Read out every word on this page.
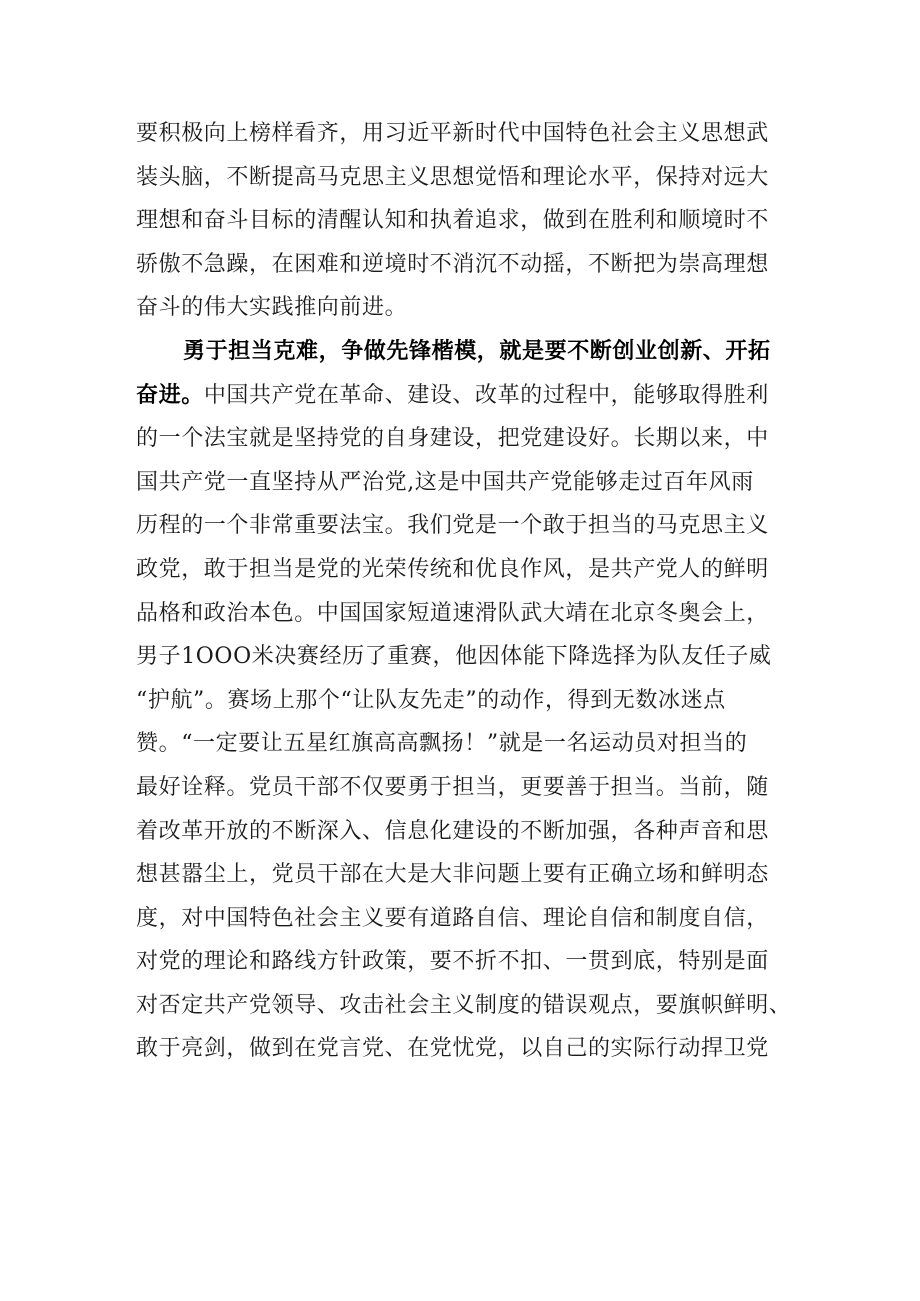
要积极向上榜样看齐，用习近平新时代中国特色社会主义思想武
装头脑，不断提高马克思主义思想觉悟和理论水平，保持对远大
理想和奋斗目标的清醒认知和执着追求，做到在胜利和顺境时不
骄傲不急躁，在困难和逆境时不消沉不动摇，不断把为崇高理想
奋斗的伟大实践推向前进。
勇于担当克难，争做先锋楷模，就是要不断创业创新、开拓
奋进。中国共产党在革命、建设、改革的过程中，能够取得胜利
的一个法宝就是坚持党的自身建设，把党建设好。长期以来，中
国共产党一直坚持从严治党,这是中国共产党能够走过百年风雨
历程的一个非常重要法宝。我们党是一个敢于担当的马克思主义
政党，敢于担当是党的光荣传统和优良作风，是共产党人的鲜明
品格和政治本色。中国国家短道速滑队武大靖在北京冬奥会上，
男子1OOO米决赛经历了重赛，他因体能下降选择为队友任子威
“护航”。赛场上那个“让队友先走”的动作，得到无数冰迷点
赞。“一定要让五星红旗高高飘扬！”就是一名运动员对担当的
最好诠释。党员干部不仅要勇于担当，更要善于担当。当前，随
着改革开放的不断深入、信息化建设的不断加强，各种声音和思
想甚嚣尘上，党员干部在大是大非问题上要有正确立场和鲜明态
度，对中国特色社会主义要有道路自信、理论自信和制度自信，
对党的理论和路线方针政策，要不折不扣、一贯到底，特别是面
对否定共产党领导、攻击社会主义制度的错误观点，要旗帜鲜明、
敢于亮剑，做到在党言党、在党忧党，以自己的实际行动捍卫党
